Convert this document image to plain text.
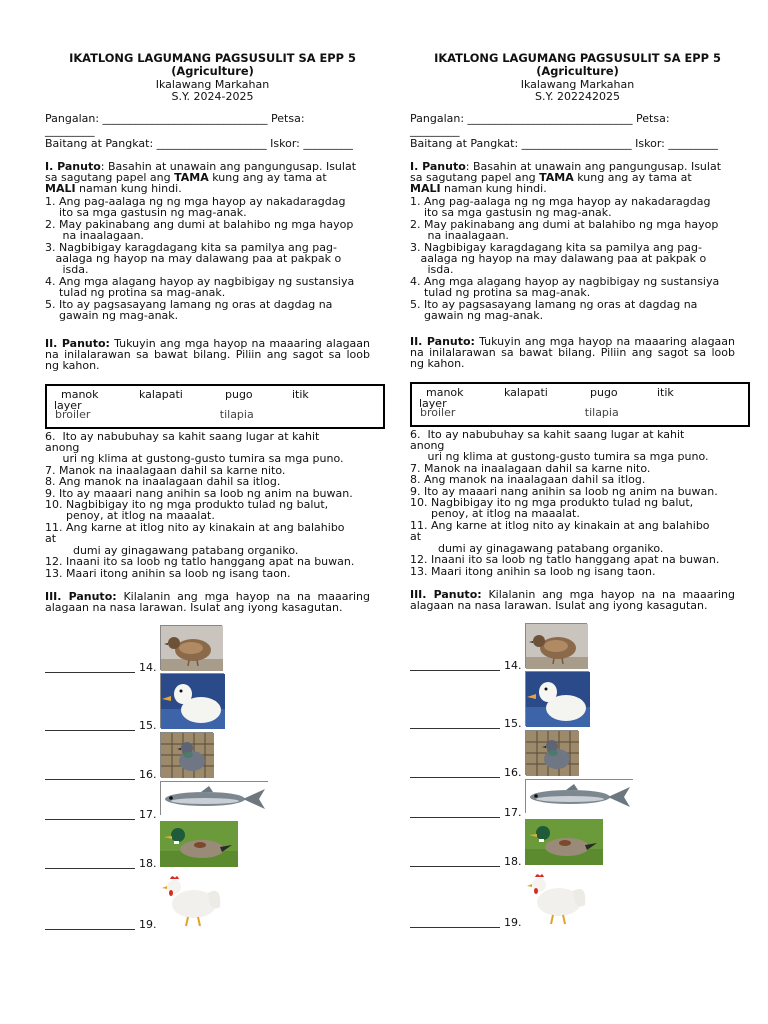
IKATLONG LAGUMANG PAGSUSULIT SA EPP 5
(Agriculture)
Ikalawang Markahan
S.Y. 2024-2025
Pangalan: ______________________________ Petsa:
_________
Baitang at Pangkat: ____________________ Iskor: _________
I. Panuto: Basahin at unawain ang pangungusap. Isulat
sa sagutang papel ang TAMA kung ang ay tama at
MALI naman kung hindi.
1. Ang pag-aalaga ng ng mga hayop ay nakadaragdag
ito sa mga gastusin ng mag-anak.
2. May pakinabang ang dumi at balahibo ng mga hayop
na inaalagaan.
3. Nagbibigay karagdagang kita sa pamilya ang pag-
aalaga ng hayop na may dalawang paa at pakpak o
isda.
4. Ang mga alagang hayop ay nagbibigay ng sustansiya
tulad ng protina sa mag-anak.
5. Ito ay pagsasayang lamang ng oras at dagdag na
gawain ng mag-anak.
II. Panuto: Tukuyin ang mga hayop na maaaring alagaan na inilalarawan sa bawat bilang. Piliin ang sagot sa loob ng kahon.
manok	kalapati	pugo	itik
layer
broiler                                     tilapia
6.  Ito ay nabubuhay sa kahit saang lugar at kahit
anong
uri ng klima at gustong-gusto tumira sa mga puno.
7. Manok na inaalagaan dahil sa karne nito.
8. Ang manok na inaalagaan dahil sa itlog.
9. Ito ay maaari nang anihin sa loob ng anim na buwan.
10. Nagbibigay ito ng mga produkto tulad ng balut,
penoy, at itlog na maaalat.
11. Ang karne at itlog nito ay kinakain at ang balahibo
at
dumi ay ginagawang patabang organiko.
12. Inaani ito sa loob ng tatlo hanggang apat na buwan.
13. Maari itong anihin sa loob ng isang taon.
III. Panuto: Kilalanin ang mga hayop na na maaaring alagaan na nasa larawan. Isulat ang iyong kasagutan.
14.
15.
16.
17.
18.
19.
IKATLONG LAGUMANG PAGSUSULIT SA EPP 5
(Agriculture)
Ikalawang Markahan
S.Y. 202242025
Pangalan: ______________________________ Petsa:
_________
Baitang at Pangkat: ____________________ Iskor: _________
I. Panuto: Basahin at unawain ang pangungusap. Isulat
sa sagutang papel ang TAMA kung ang ay tama at
MALI naman kung hindi.
1. Ang pag-aalaga ng ng mga hayop ay nakadaragdag
ito sa mga gastusin ng mag-anak.
2. May pakinabang ang dumi at balahibo ng mga hayop
na inaalagaan.
3. Nagbibigay karagdagang kita sa pamilya ang pag-
aalaga ng hayop na may dalawang paa at pakpak o
isda.
4. Ang mga alagang hayop ay nagbibigay ng sustansiya
tulad ng protina sa mag-anak.
5. Ito ay pagsasayang lamang ng oras at dagdag na
gawain ng mag-anak.
II. Panuto: Tukuyin ang mga hayop na maaaring alagaan na inilalarawan sa bawat bilang. Piliin ang sagot sa loob ng kahon.
manok	kalapati	pugo	itik
layer
broiler                                     tilapia
6.  Ito ay nabubuhay sa kahit saang lugar at kahit
anong
uri ng klima at gustong-gusto tumira sa mga puno.
7. Manok na inaalagaan dahil sa karne nito.
8. Ang manok na inaalagaan dahil sa itlog.
9. Ito ay maaari nang anihin sa loob ng anim na buwan.
10. Nagbibigay ito ng mga produkto tulad ng balut,
penoy, at itlog na maaalat.
11. Ang karne at itlog nito ay kinakain at ang balahibo
at
dumi ay ginagawang patabang organiko.
12. Inaani ito sa loob ng tatlo hanggang apat na buwan.
13. Maari itong anihin sa loob ng isang taon.
III. Panuto: Kilalanin ang mga hayop na na maaaring alagaan na nasa larawan. Isulat ang iyong kasagutan.
14.
15.
16.
17.
18.
19.
